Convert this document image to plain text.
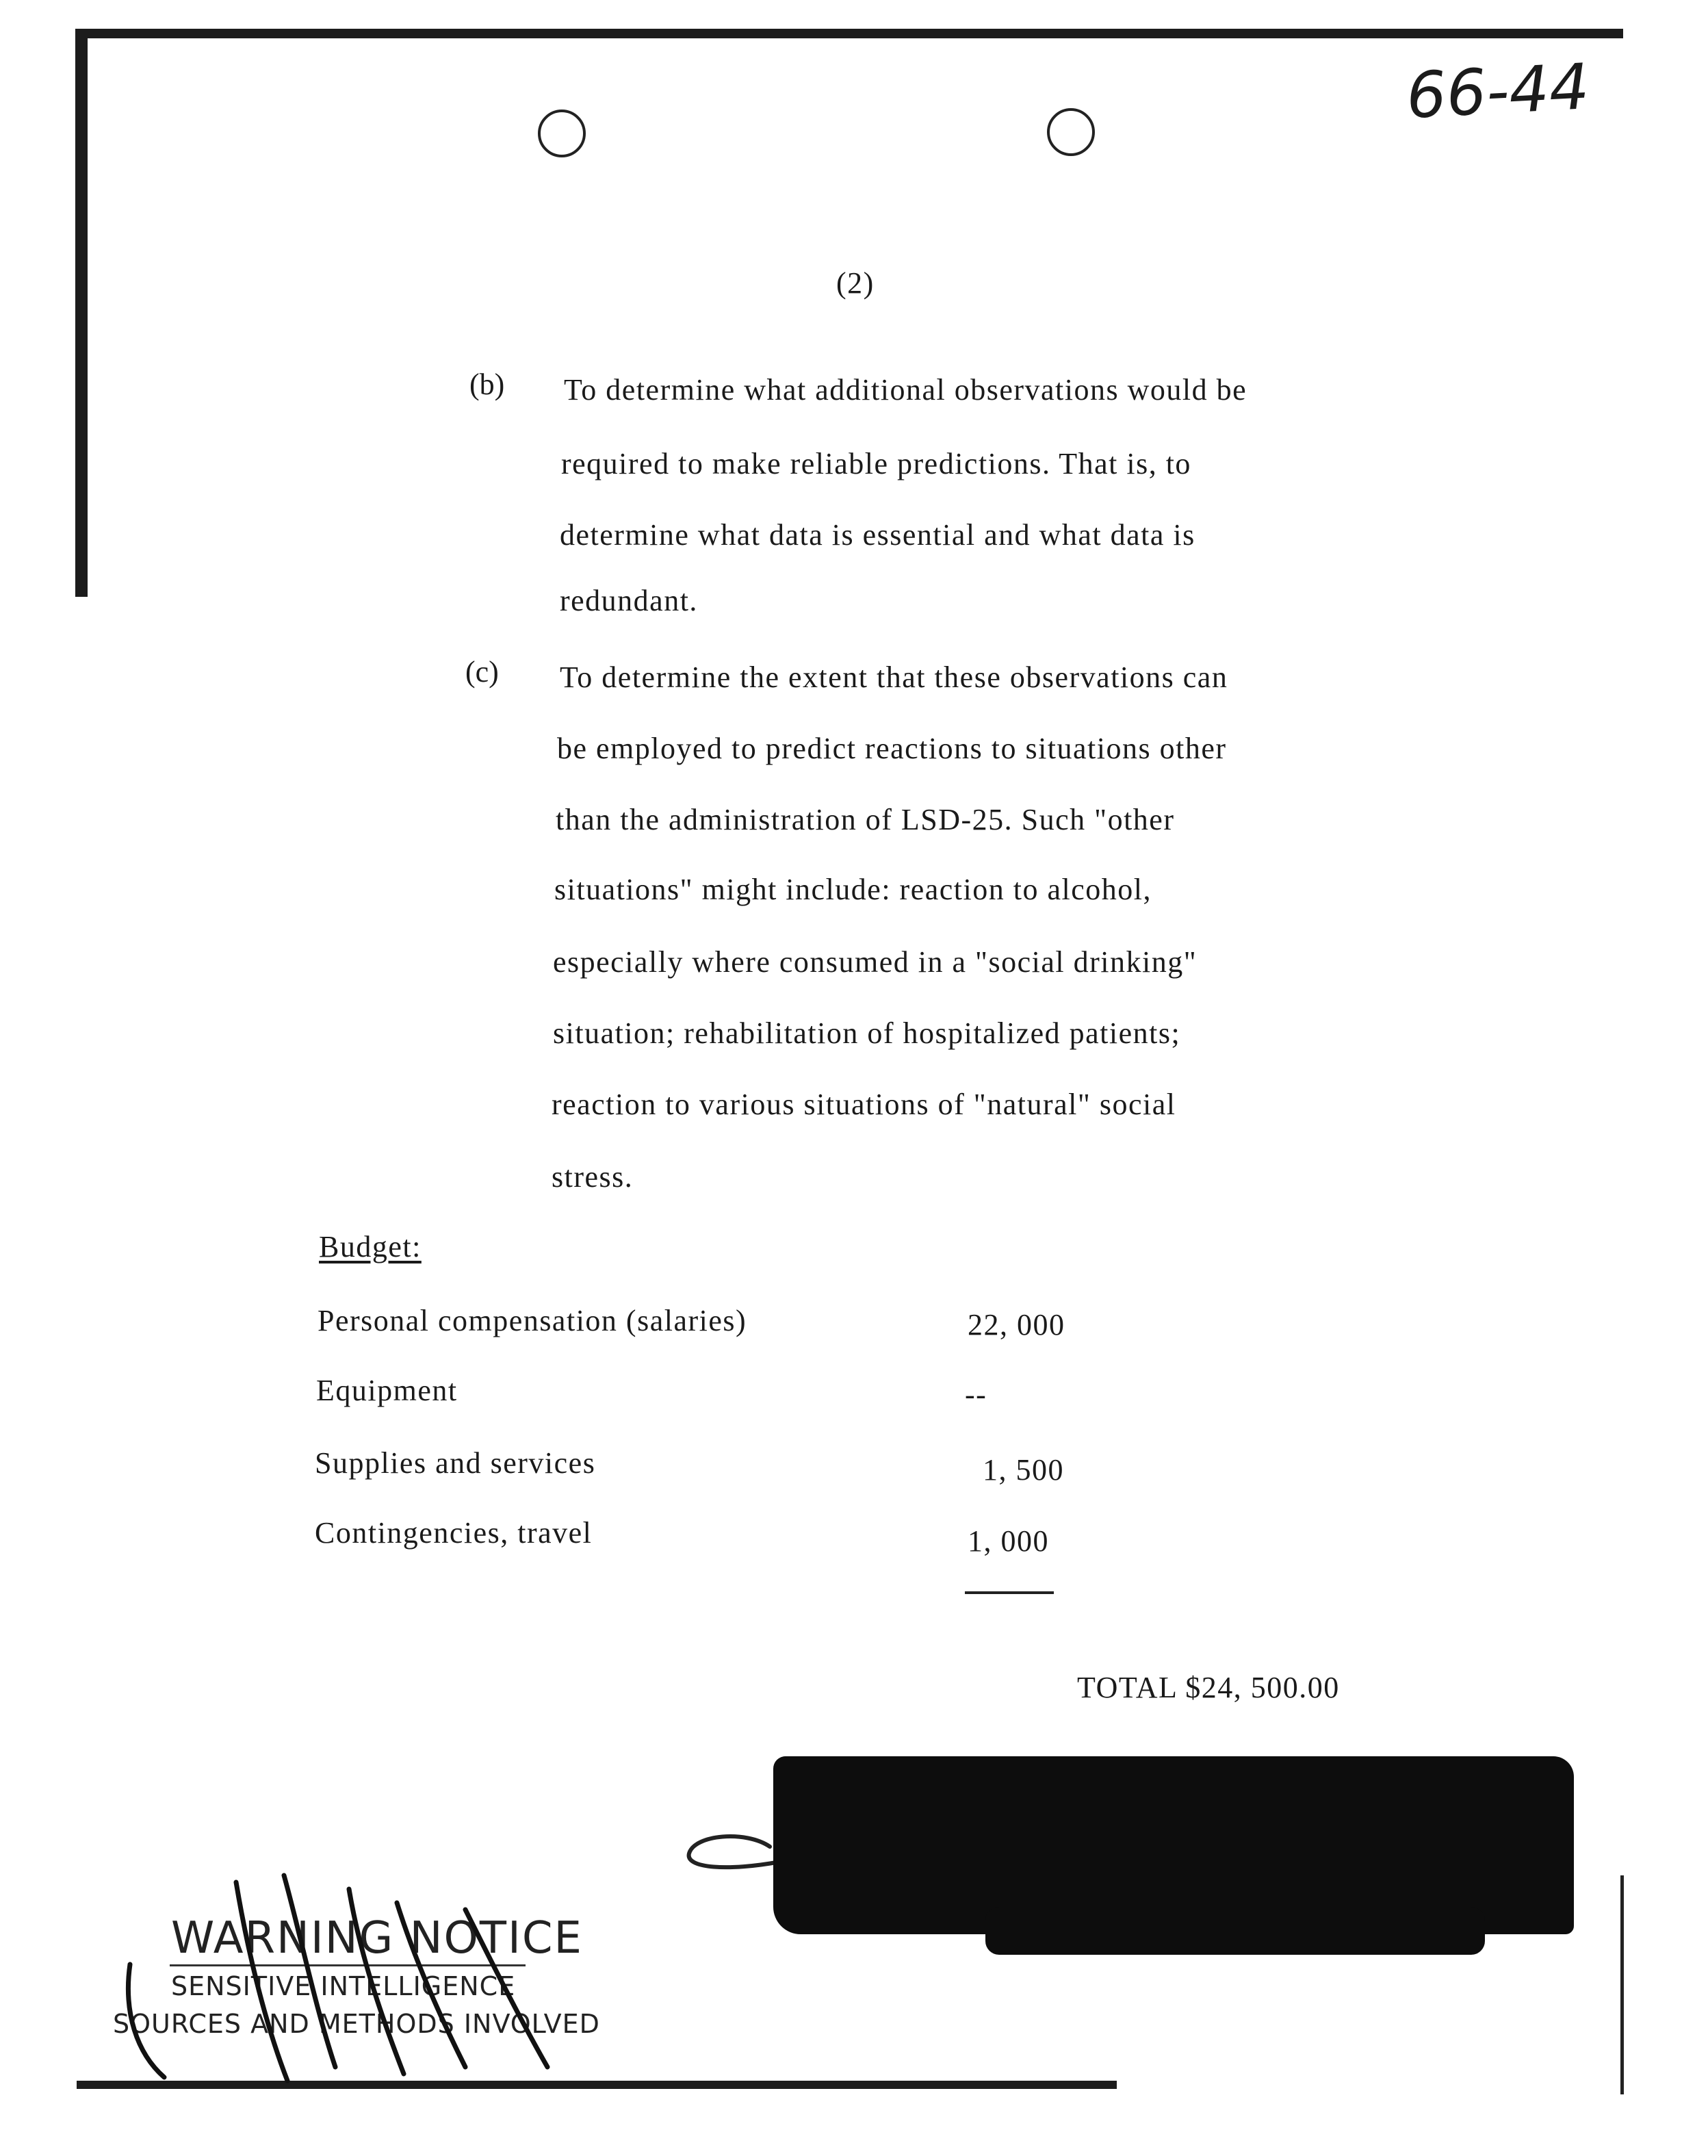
66-44
(2)
(b) To determine what additional observations would be
required to make reliable predictions. That is, to
determine what data is essential and what data is
redundant.
(c) To determine the extent that these observations can
be employed to predict reactions to situations other
than the administration of LSD-25. Such "other
situations" might include: reaction to alcohol,
especially where consumed in a "social drinking"
situation; rehabilitation of hospitalized patients;
reaction to various situations of "natural" social
stress.
Budget:
Personal compensation (salaries)	22, 000
Equipment	--
Supplies and services	1, 500
Contingencies, travel	1, 000
TOTAL $24, 500.00
WARNING NOTICE
SENSITIVE INTELLIGENCE
SOURCES AND METHODS INVOLVED
